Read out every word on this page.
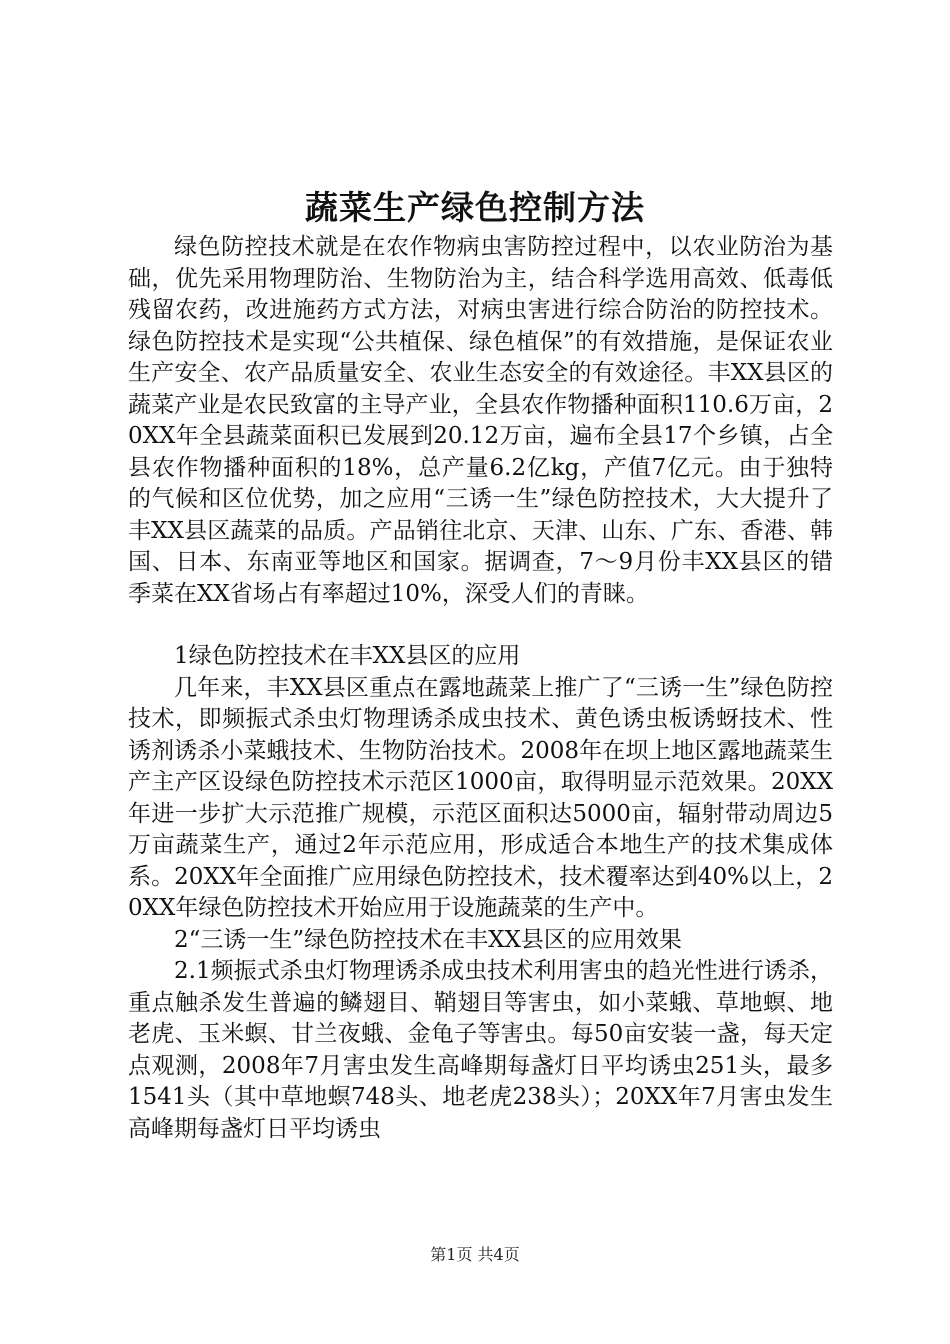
蔬菜生产绿色控制方法

绿色防控技术就是在农作物病虫害防控过程中，以农业防治为基础，优先采用物理防治、生物防治为主，结合科学选用高效、低毒低残留农药，改进施药方式方法，对病虫害进行综合防治的防控技术。绿色防控技术是实现“公共植保、绿色植保”的有效措施，是保证农业生产安全、农产品质量安全、农业生态安全的有效途径。丰XX县区的蔬菜产业是农民致富的主导产业，全县农作物播种面积110.6万亩，20XX年全县蔬菜面积已发展到20.12万亩，遍布全县17个乡镇，占全县农作物播种面积的18%，总产量6.2亿kg，产值7亿元。由于独特的气候和区位优势，加之应用“三诱一生”绿色防控技术，大大提升了丰XX县区蔬菜的品质。产品销往北京、天津、山东、广东、香港、韩国、日本、东南亚等地区和国家。据调查，7～9月份丰XX县区的错季菜在XX省场占有率超过10%，深受人们的青睐。

1绿色防控技术在丰XX县区的应用

几年来，丰XX县区重点在露地蔬菜上推广了“三诱一生”绿色防控技术，即频振式杀虫灯物理诱杀成虫技术、黄色诱虫板诱蚜技术、性诱剂诱杀小菜蛾技术、生物防治技术。2008年在坝上地区露地蔬菜生产主产区设绿色防控技术示范区1000亩，取得明显示范效果。20XX年进一步扩大示范推广规模，示范区面积达5000亩，辐射带动周边5万亩蔬菜生产，通过2年示范应用，形成适合本地生产的技术集成体系。20XX年全面推广应用绿色防控技术，技术覆率达到40%以上，20XX年绿色防控技术开始应用于设施蔬菜的生产中。

2“三诱一生”绿色防控技术在丰XX县区的应用效果

2.1频振式杀虫灯物理诱杀成虫技术利用害虫的趋光性进行诱杀，重点触杀发生普遍的鳞翅目、鞘翅目等害虫，如小菜蛾、草地螟、地老虎、玉米螟、甘兰夜蛾、金龟子等害虫。每50亩安装一盏，每天定点观测，2008年7月害虫发生高峰期每盏灯日平均诱虫251头，最多1541头（其中草地螟748头、地老虎238头）；20XX年7月害虫发生高峰期每盏灯日平均诱虫

第1页 共4页
